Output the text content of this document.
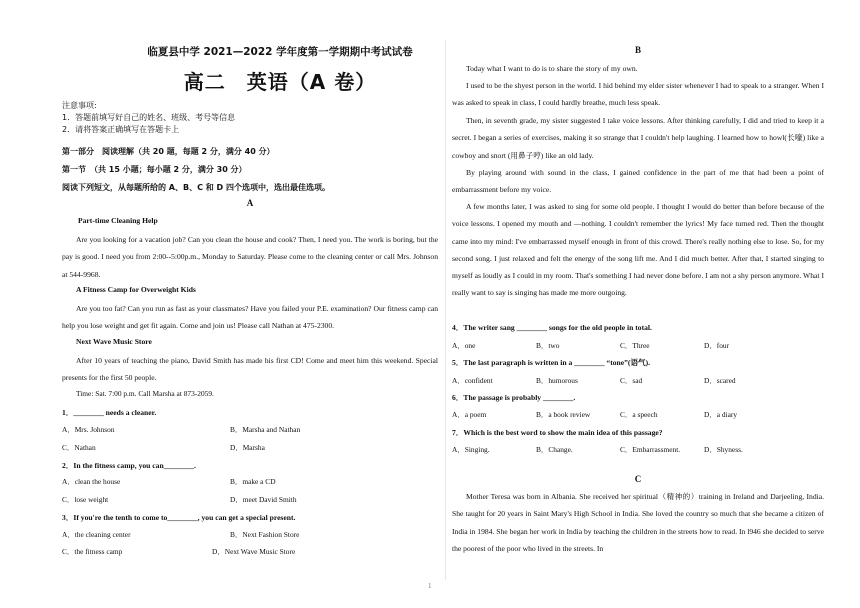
临夏县中学 2021—2022 学年度第一学期期中考试试卷
高二　英语（A 卷）
注意事项:
1．答题前填写好自己的姓名、班级、考号等信息
2．请将答案正确填写在答题卡上
第一部分　阅读理解（共 20 题，每题 2 分，满分 40 分）
第一节　（共 15 小题；每小题 2 分，满分 30 分）
阅读下列短文，从每题所给的 A、B、C 和 D 四个选项中，选出最佳选项。
A
Part-time Cleaning Help

Are you looking for a vacation job? Can you clean the house and cook? Then, I need you. The work is boring, but the pay is good. I need you from 2:00--5:00p.m., Monday to Saturday. Please come to the cleaning center or call Mrs. Johnson at 544-9968.

A Fitness Camp for Overweight Kids

Are you too fat? Can you run as fast as your classmates? Have you failed your P.E. examination? Our fitness camp can help you lose weight and get fit again. Come and join us! Please call Nathan at 475-2300.

Next Wave Music Store

After 10 years of teaching the piano, David Smith has made his first CD! Come and meet him this weekend. Special presents for the first 50 people.

Time: Sat. 7:00 p.m. Call Marsha at 873-2059.
1．________ needs a cleaner.
A．Mrs. Johnson	B．Marsha and Nathan
C．Nathan	D．Marsha
2．In the fitness camp, you can________.
A．clean the house	B．make a CD
C．lose weight	D．meet David Smith
3．If you're the tenth to come to________, you can get a special present.
A．the cleaning center	B．Next Fashion Store
C．the fitness camp	D．Next Wave Music Store
B

Today what I want to do is to share the story of my own.

I used to be the shyest person in the world. I hid behind my elder sister whenever I had to speak to a stranger. When I was asked to speak in class, I could hardly breathe, much less speak.

Then, in seventh grade, my sister suggested I take voice lessons. After thinking carefully, I did and tried to keep it a secret. I began a series of exercises, making it so strange that I couldn't help laughing. I learned how to howl(长嚎) like a cowboy and snort (用鼻子哼) like an old lady.

By playing around with sound in the class, I gained confidence in the part of me that had been a point of embarrassment before my voice.

A few months later, I was asked to sing for some old people. I thought I would do better than before because of the voice lessons. I opened my mouth and —nothing. I couldn't remember the lyrics! My face turned red. Then the thought came into my mind: I've embarrassed myself enough in front of this crowd. There's really nothing else to lose. So, for my second song. I just relaxed and felt the energy of the song lift me. And I did much better. After that, I started singing to myself as loudly as I could in my room. That's something I had never done before. I am not a shy person anymore. What I really want to say is singing has made me more outgoing.

4．The writer sang ________ songs for the old people in total.
A．one	B．two	C．Three	D．four
5．The last paragraph is written in a ________ “tone”(语气).
A．confident	B．humorous	C．sad	D．scared
6．The passage is probably ________.
A．a poem	B．a book review	C．a speech	D．a diary
7．Which is the best word to show the main idea of this passage?
A．Singing.	B．Change.	C．Embarrassment.	D．Shyness.
C

Mother Teresa was born in Albania. She received her spiritual（精神的）training in Ireland and Darjeeling, India. She taught for 20 years in Saint Mary's High School in India. She loved the country so much that she became a citizen of India in 1984. She began her work in India by teaching the children in the streets how to read. In l946 she decided to serve the poorest of the poor who lived in the streets. In

1
